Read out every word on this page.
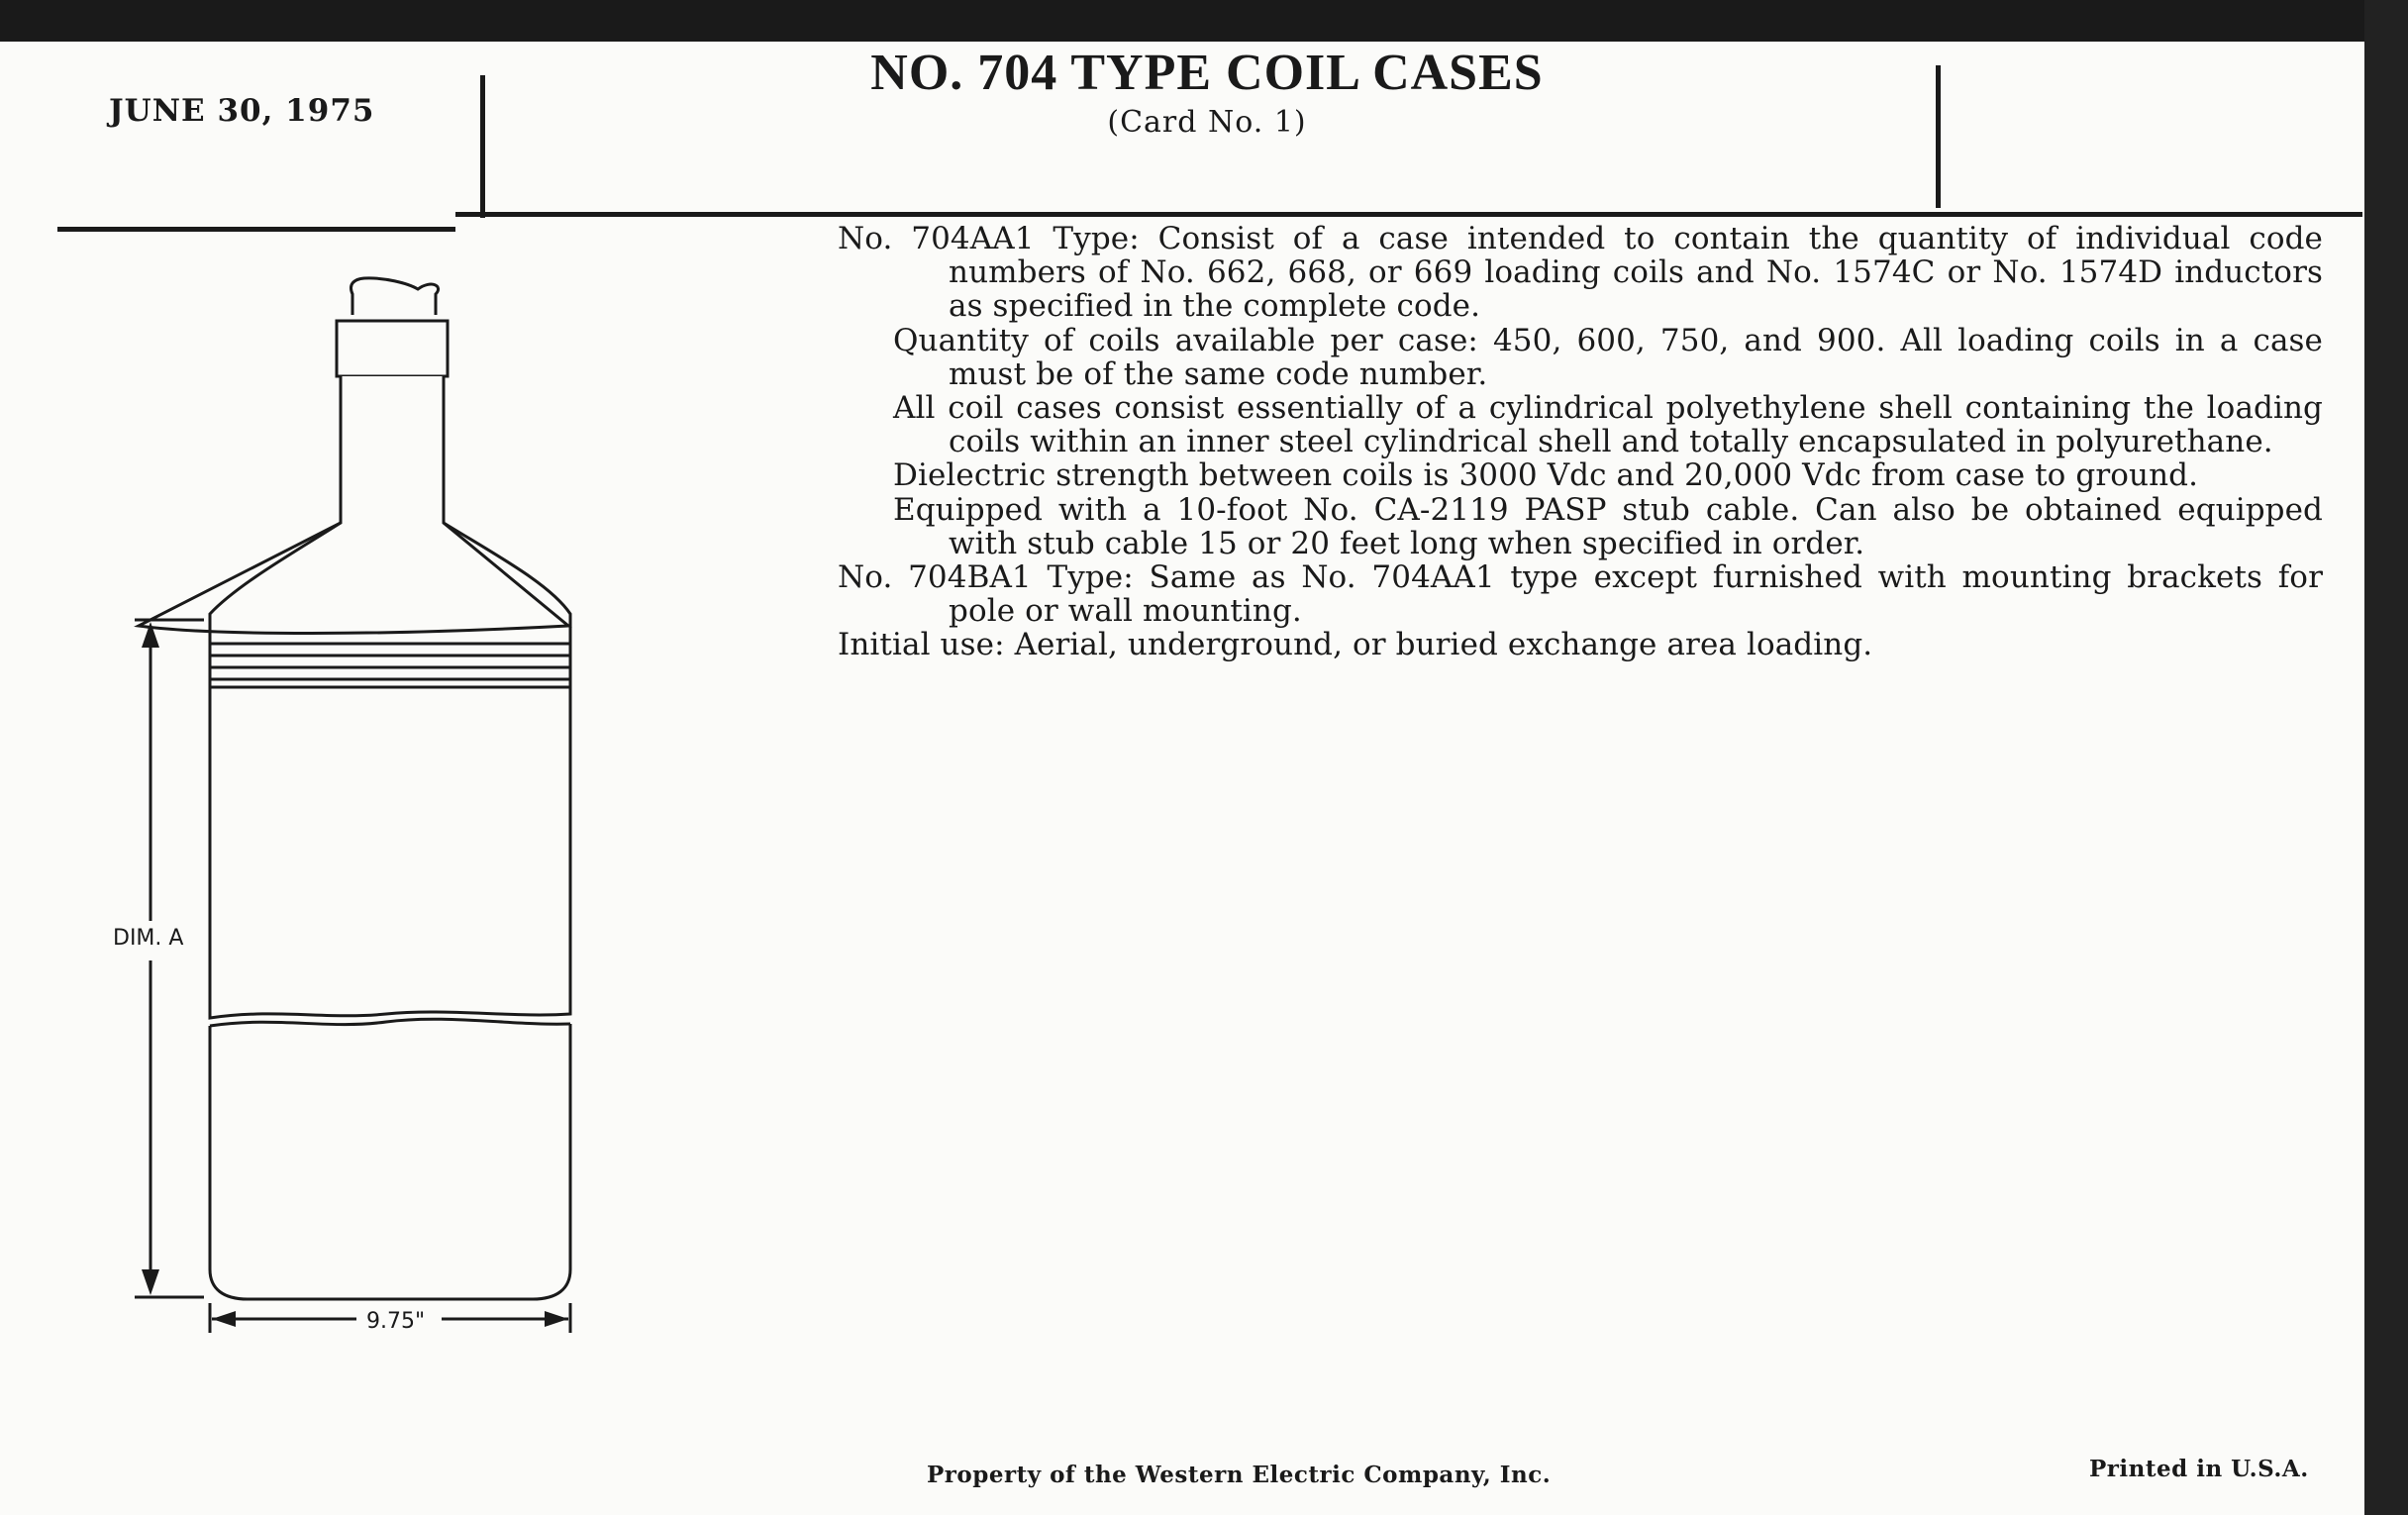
JUNE 30, 1975
NO. 704 TYPE COIL CASES
(Card No. 1)
DIM. A
9.75"
No. 704AA1 Type: Consist of a case intended to contain the quantity of individual code numbers of No. 662, 668, or 669 loading coils and No. 1574C or No. 1574D inductors as specified in the complete code.
Quantity of coils available per case: 450, 600, 750, and 900. All loading coils in a case must be of the same code number.
All coil cases consist essentially of a cylindrical polyethylene shell containing the loading coils within an inner steel cylindrical shell and totally encapsulated in polyurethane.
Dielectric strength between coils is 3000 Vdc and 20,000 Vdc from case to ground.
Equipped with a 10-foot No. CA-2119 PASP stub cable. Can also be obtained equipped with stub cable 15 or 20 feet long when specified in order.
No. 704BA1 Type: Same as No. 704AA1 type except furnished with mounting brackets for pole or wall mounting.
Initial use: Aerial, underground, or buried exchange area loading.
Property of the Western Electric Company, Inc.	Printed in U.S.A.
